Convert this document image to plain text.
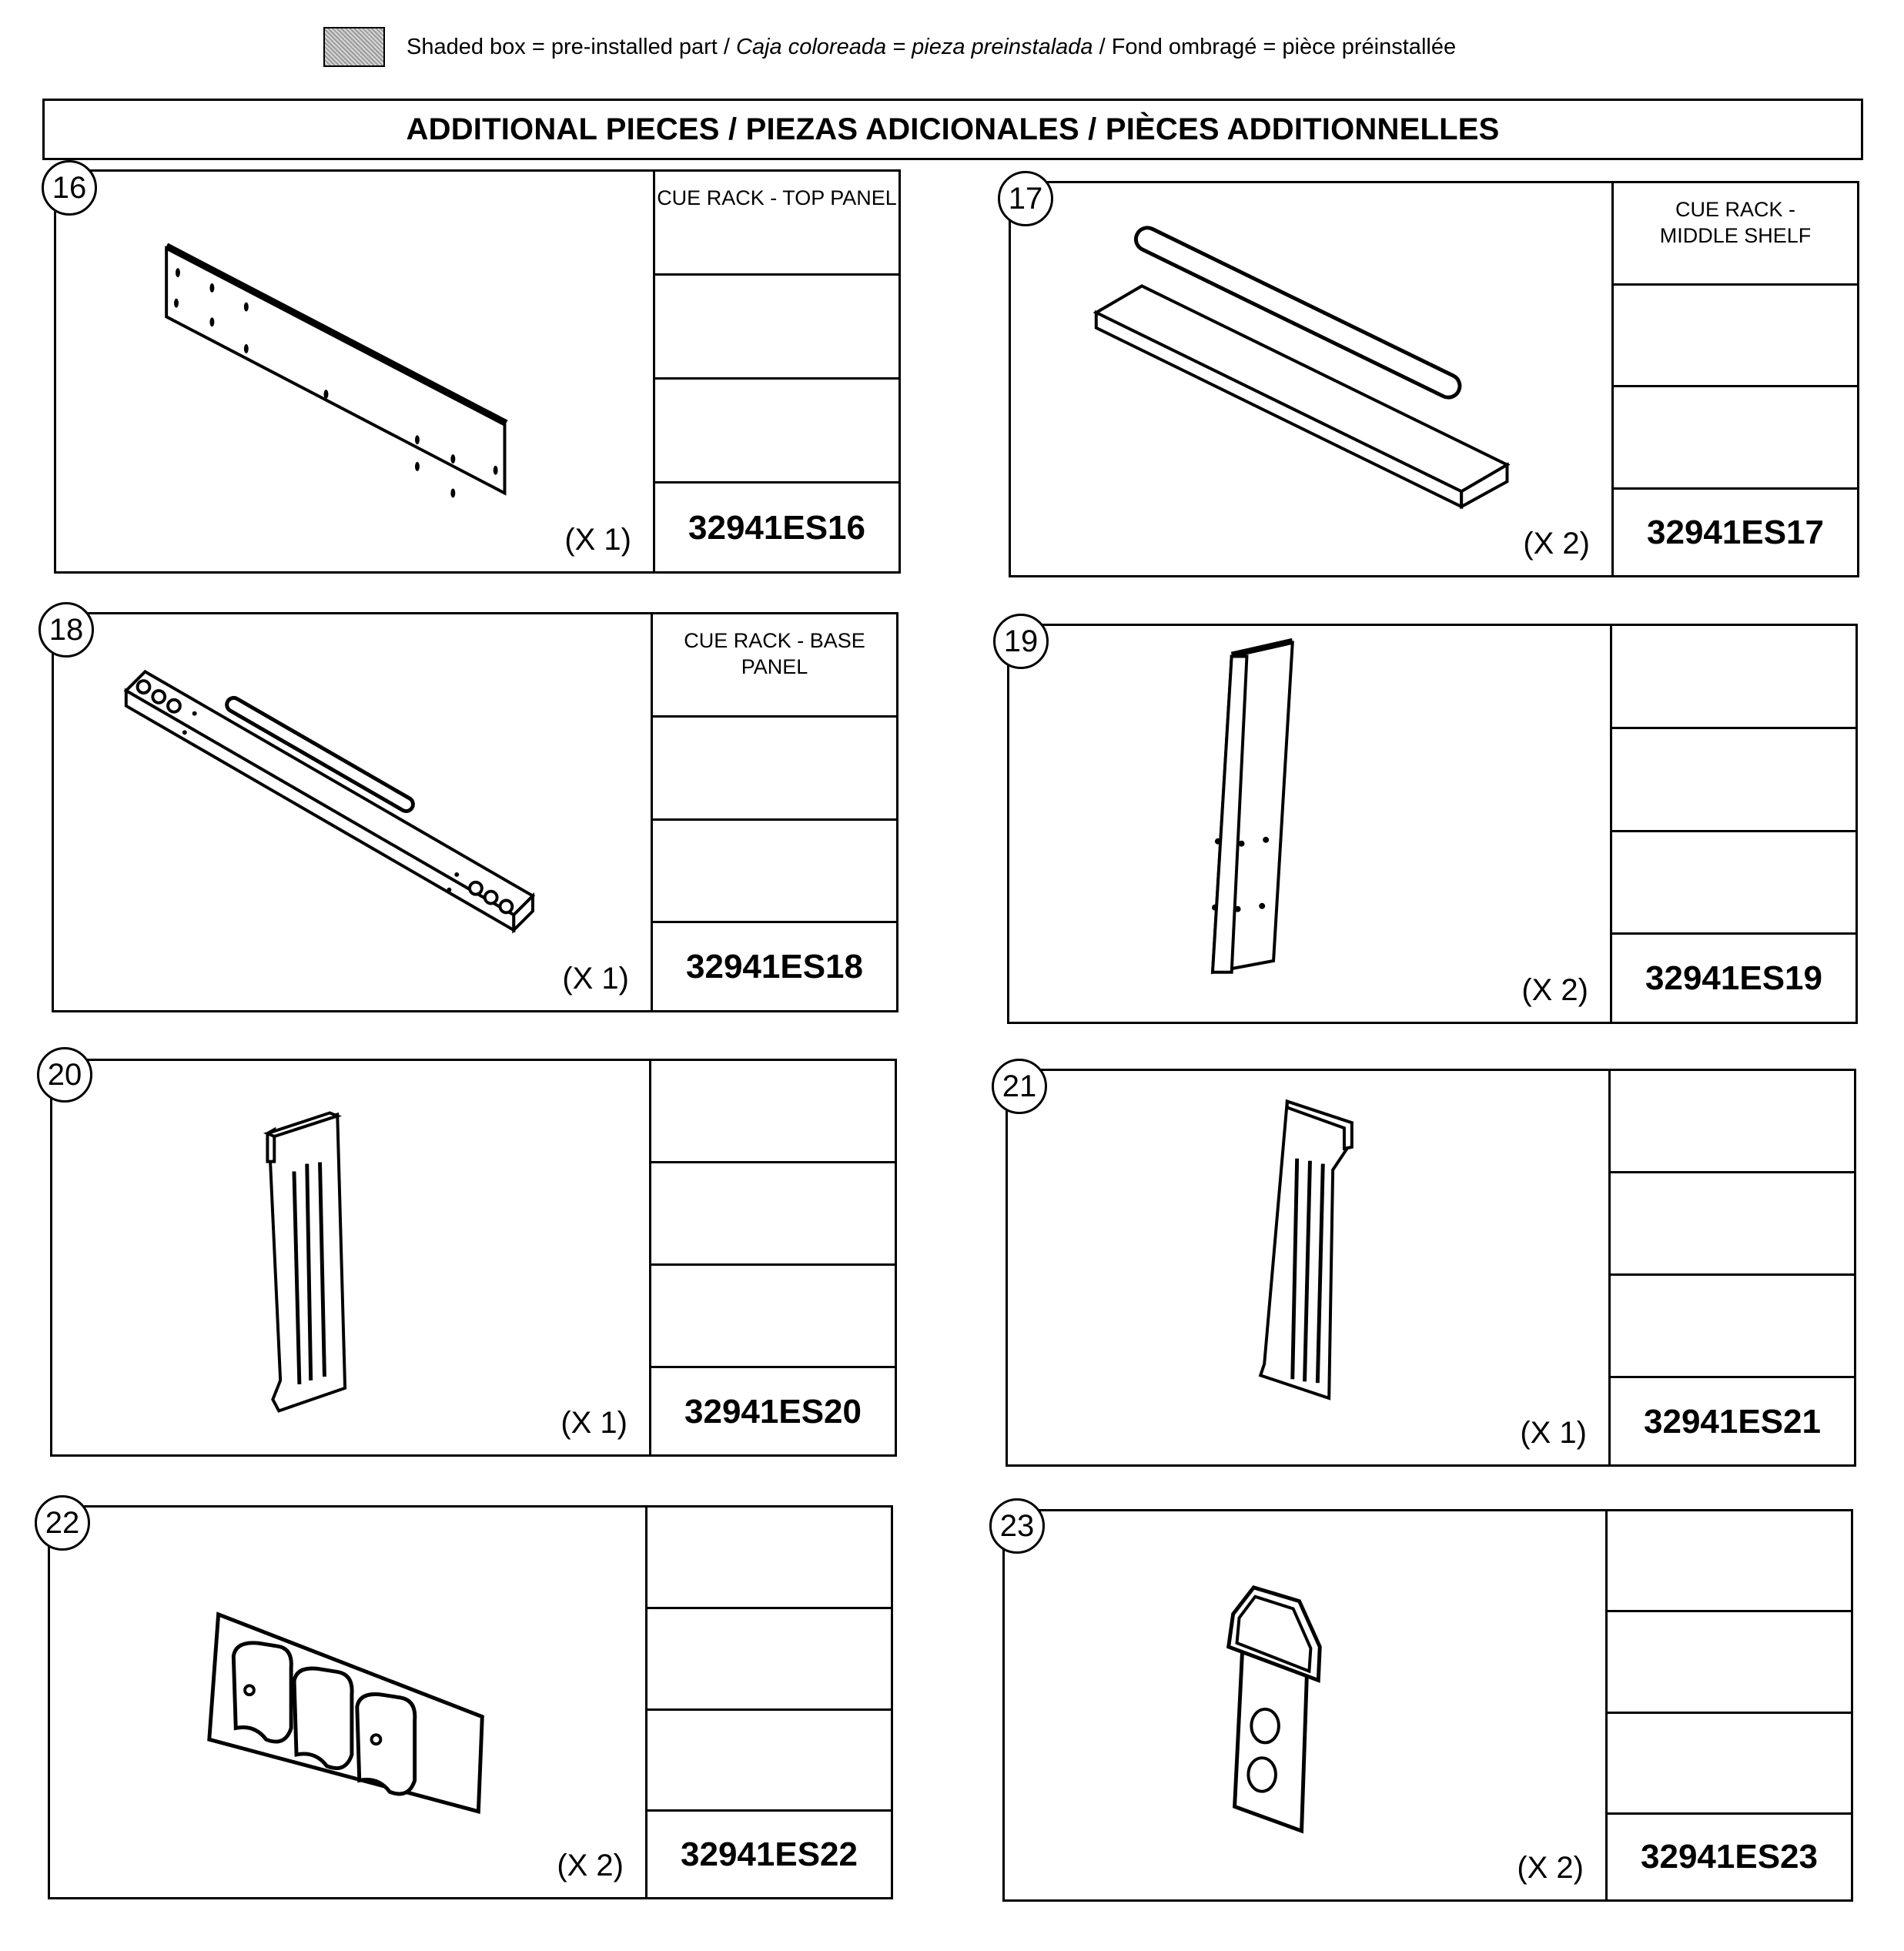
Shaded box = pre-installed part / Caja coloreada = pieza preinstalada / Fond ombragé = pièce préinstallée
ADDITIONAL PIECES / PIEZAS ADICIONALES / PIÈCES ADDITIONNELLES
(X 1)
CUE RACK - TOP PANEL
32941ES16
16
(X 2)
CUE RACK - MIDDLE SHELF
32941ES17
17
(X 1)
CUE RACK - BASE PANEL
32941ES18
18
(X 2)	32941ES19
19
(X 1)	32941ES20
20
(X 1)	32941ES21
21
(X 2)	32941ES22
22
(X 2)	32941ES23
23
